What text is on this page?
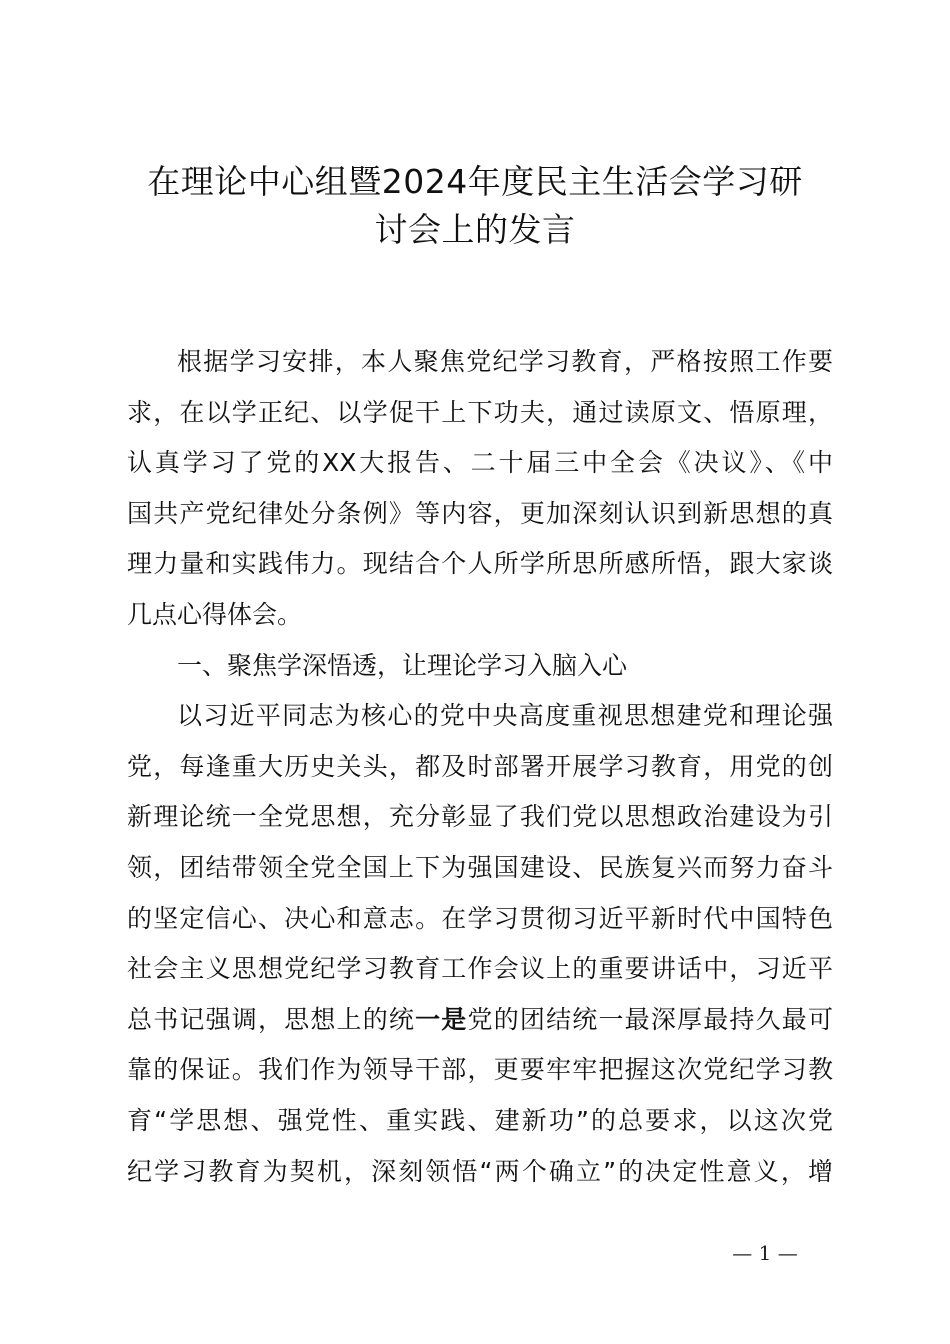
在理论中心组暨2024年度民主生活会学习研
讨会上的发言
根据学习安排，本人聚焦党纪学习教育，严格按照工作要
求，在以学正纪、以学促干上下功夫，通过读原文、悟原理，
认真学习了党的XX大报告、二十届三中全会《决议》、《中
国共产党纪律处分条例》等内容，更加深刻认识到新思想的真
理力量和实践伟力。现结合个人所学所思所感所悟，跟大家谈
几点心得体会。
一、聚焦学深悟透，让理论学习入脑入心
以习近平同志为核心的党中央高度重视思想建党和理论强
党，每逢重大历史关头，都及时部署开展学习教育，用党的创
新理论统一全党思想，充分彰显了我们党以思想政治建设为引
领，团结带领全党全国上下为强国建设、民族复兴而努力奋斗
的坚定信心、决心和意志。在学习贯彻习近平新时代中国特色
社会主义思想党纪学习教育工作会议上的重要讲话中，习近平
总书记强调，思想上的统一是党的团结统一最深厚最持久最可
靠的保证。我们作为领导干部，更要牢牢把握这次党纪学习教
育“学思想、强党性、重实践、建新功”的总要求，以这次党
纪学习教育为契机，深刻领悟“两个确立”的决定性意义，增
— 1 —
